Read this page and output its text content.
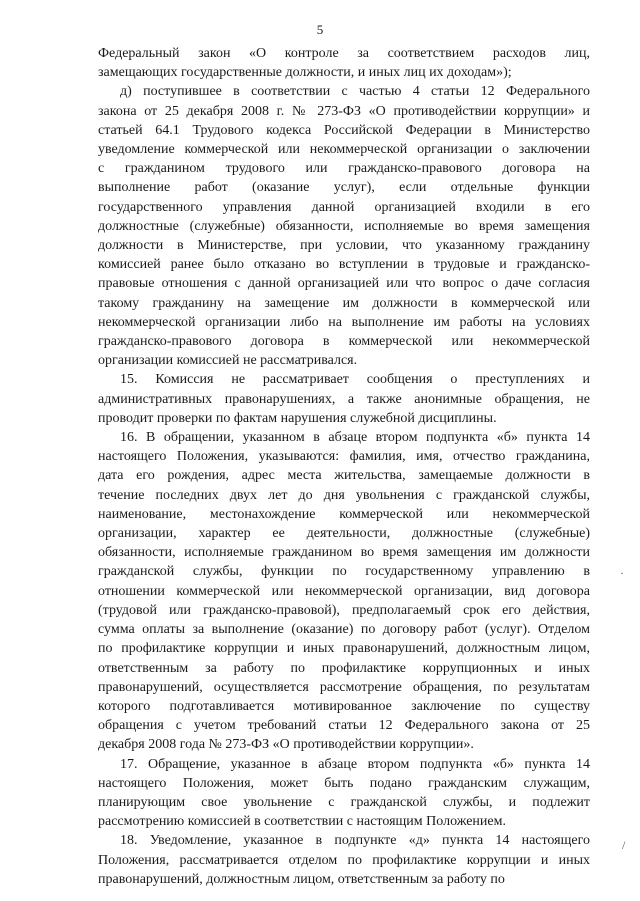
5

Федеральный закон «О контроле за соответствием расходов лиц,
замещающих государственные должности, и иных лиц их доходам»);

д) поступившее в соответствии с частью 4 статьи 12 Федерального
закона от 25 декабря 2008 г. № 273-ФЗ «О противодействии коррупции» и
статьей 64.1 Трудового кодекса Российской Федерации в Министерство
уведомление коммерческой или некоммерческой организации о заключении
с гражданином трудового или гражданско-правового договора на
выполнение работ (оказание услуг), если отдельные функции
государственного управления данной организацией входили в его
должностные (служебные) обязанности, исполняемые во время замещения
должности в Министерстве, при условии, что указанному гражданину
комиссией ранее было отказано во вступлении в трудовые и гражданско-
правовые отношения с данной организацией или что вопрос о даче согласия
такому гражданину на замещение им должности в коммерческой или
некоммерческой организации либо на выполнение им работы на условиях
гражданско-правового договора в коммерческой или некоммерческой
организации комиссией не рассматривался.

15. Комиссия не рассматривает сообщения о преступлениях и
административных правонарушениях, а также анонимные обращения, не
проводит проверки по фактам нарушения служебной дисциплины.

16. В обращении, указанном в абзаце втором подпункта «б» пункта 14
настоящего Положения, указываются: фамилия, имя, отчество гражданина,
дата его рождения, адрес места жительства, замещаемые должности в
течение последних двух лет до дня увольнения с гражданской службы,
наименование, местонахождение коммерческой или некоммерческой
организации, характер ее деятельности, должностные (служебные)
обязанности, исполняемые гражданином во время замещения им должности
гражданской службы, функции по государственному управлению в
отношении коммерческой или некоммерческой организации, вид договора
(трудовой или гражданско-правовой), предполагаемый срок его действия,
сумма оплаты за выполнение (оказание) по договору работ (услуг). Отделом
по профилактике коррупции и иных правонарушений, должностным лицом,
ответственным за работу по профилактике коррупционных и иных
правонарушений, осуществляется рассмотрение обращения, по результатам
которого подготавливается мотивированное заключение по существу
обращения с учетом требований статьи 12 Федерального закона от 25
декабря 2008 года № 273-ФЗ «О противодействии коррупции».

17. Обращение, указанное в абзаце втором подпункта «б» пункта 14
настоящего Положения, может быть подано гражданским служащим,
планирующим свое увольнение с гражданской службы, и подлежит
рассмотрению комиссией в соответствии с настоящим Положением.

18. Уведомление, указанное в подпункте «д» пункта 14 настоящего
Положения, рассматривается отделом по профилактике коррупции и иных
правонарушений, должностным лицом, ответственным за работу по

·
/
